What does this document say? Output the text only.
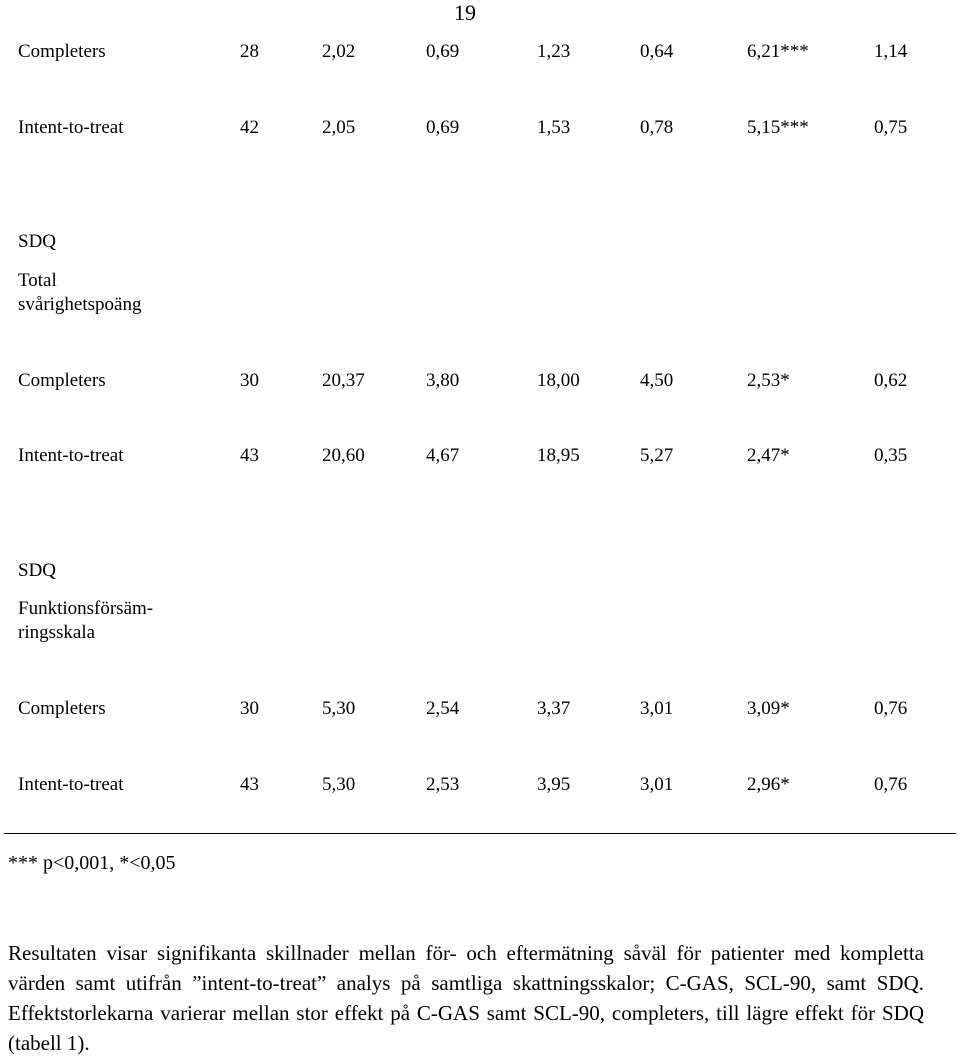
19
Completers	28	2,02	0,69	1,23	0,64	6,21***	1,14
Intent-to-treat	42	2,05	0,69	1,53	0,78	5,15***	0,75
SDQ
Total
svårighetspoäng
Completers	30	20,37	3,80	18,00	4,50	2,53*	0,62
Intent-to-treat	43	20,60	4,67	18,95	5,27	2,47*	0,35
SDQ
Funktionsförsäm-
ringsskala
Completers	30	5,30	2,54	3,37	3,01	3,09*	0,76
Intent-to-treat	43	5,30	2,53	3,95	3,01	2,96*	0,76
*** p<0,001, *<0,05
Resultaten visar signifikanta skillnader mellan för- och eftermätning såväl för patienter med kompletta värden samt utifrån ”intent-to-treat” analys på samtliga skattningsskalor; C-GAS, SCL-90, samt SDQ. Effektstorlekarna varierar mellan stor effekt på C-GAS samt SCL-90, completers, till lägre effekt för SDQ (tabell 1).
